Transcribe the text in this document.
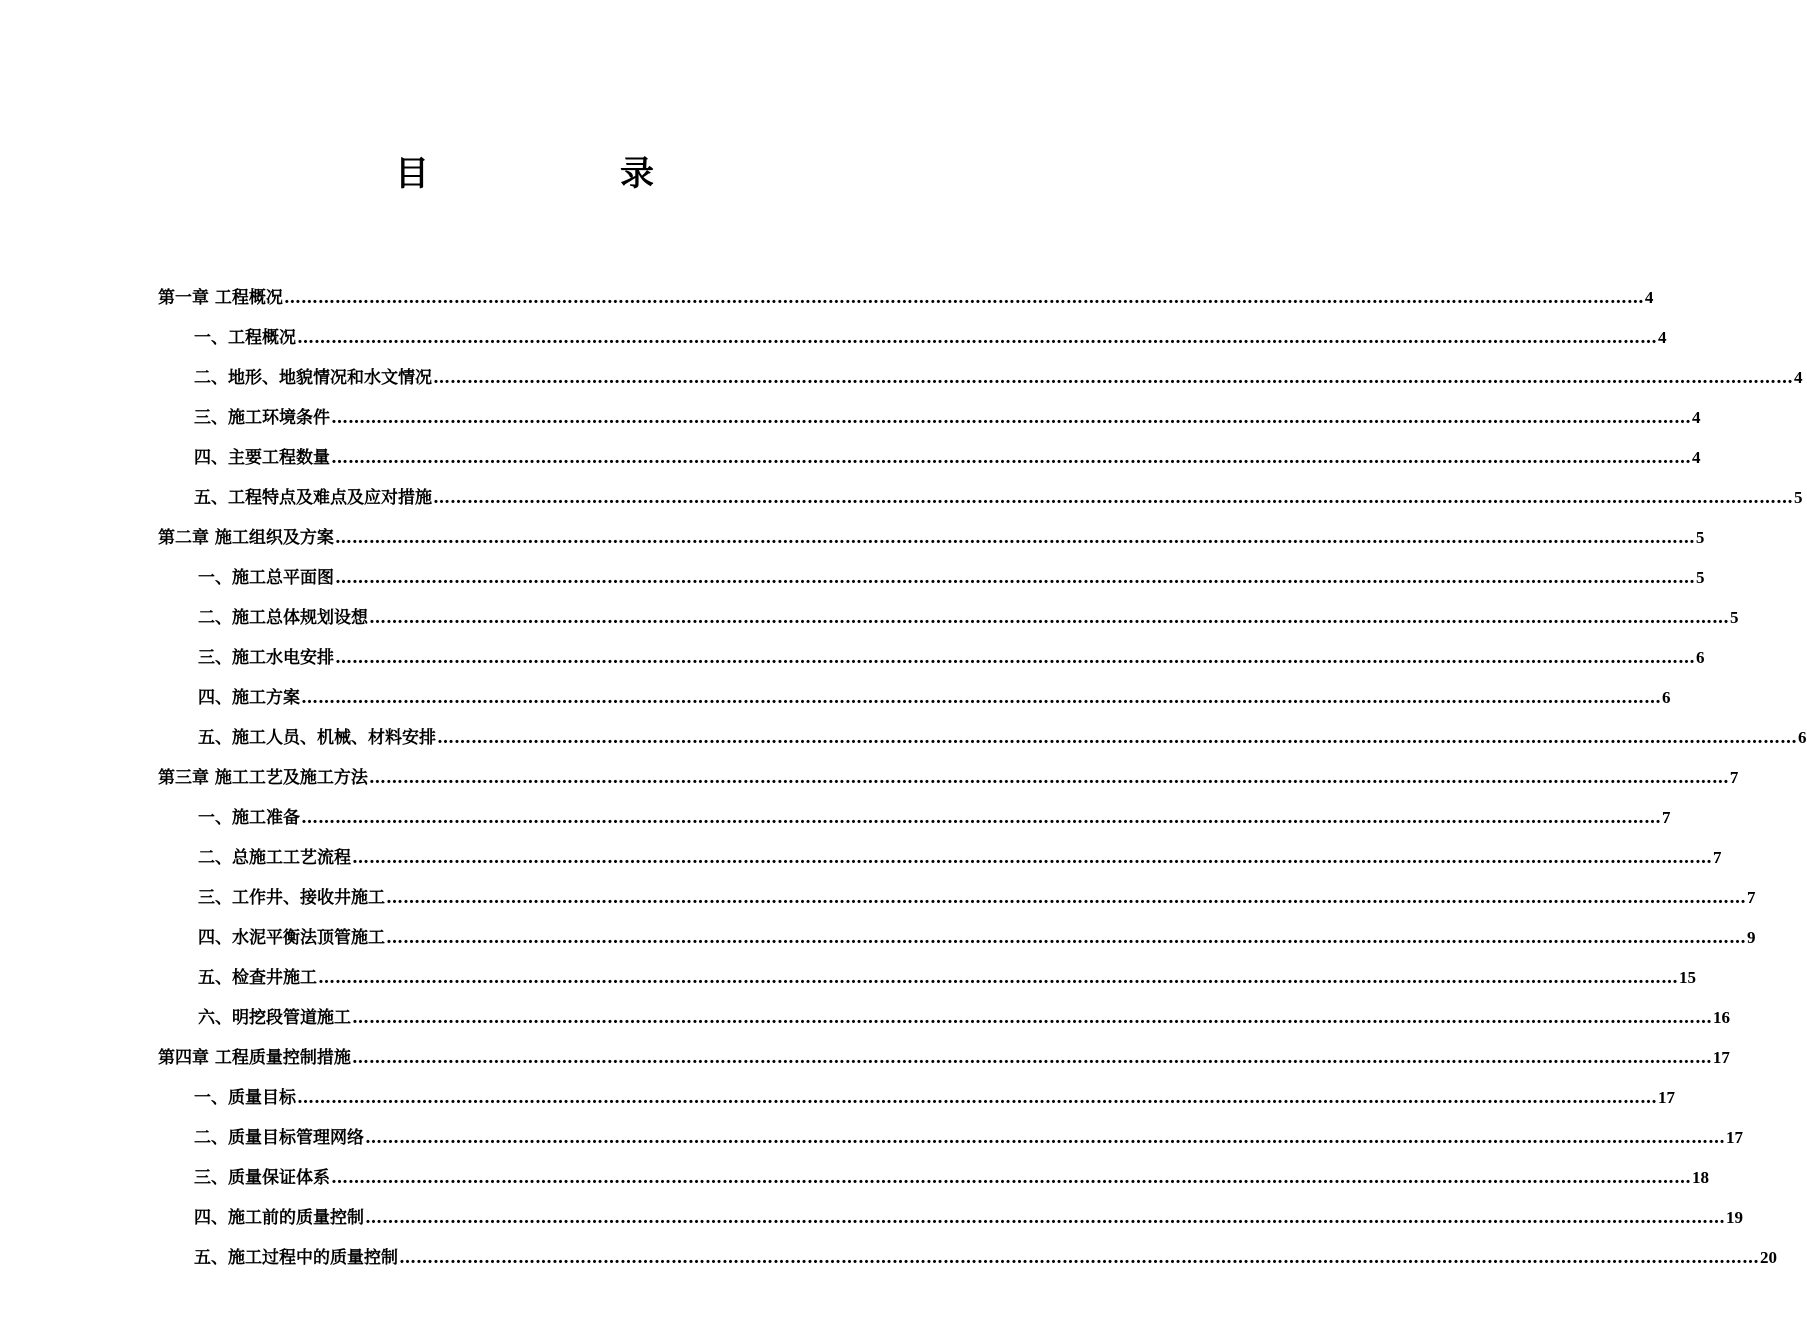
目	录
第一章 工程概况 …………………………………………………………………………………………………………………………………………………………………………………………………………………… 4
一、工程概况 …………………………………………………………………………………………………………………………………………………………………………………………………………………… 4
二、地形、地貌情况和水文情况 …………………………………………………………………………………………………………………………………………………………………………………………………………………… 4
三、施工环境条件 …………………………………………………………………………………………………………………………………………………………………………………………………………………… 4
四、主要工程数量 …………………………………………………………………………………………………………………………………………………………………………………………………………………… 4
五、工程特点及难点及应对措施 …………………………………………………………………………………………………………………………………………………………………………………………………………………… 5
第二章 施工组织及方案 …………………………………………………………………………………………………………………………………………………………………………………………………………………… 5
一、施工总平面图 …………………………………………………………………………………………………………………………………………………………………………………………………………………… 5
二、施工总体规划设想 …………………………………………………………………………………………………………………………………………………………………………………………………………………… 5
三、施工水电安排 …………………………………………………………………………………………………………………………………………………………………………………………………………………… 6
四、施工方案 …………………………………………………………………………………………………………………………………………………………………………………………………………………… 6
五、施工人员、机械、材料安排 …………………………………………………………………………………………………………………………………………………………………………………………………………………… 6
第三章 施工工艺及施工方法 …………………………………………………………………………………………………………………………………………………………………………………………………………………… 7
一、施工准备 …………………………………………………………………………………………………………………………………………………………………………………………………………………… 7
二、总施工工艺流程 …………………………………………………………………………………………………………………………………………………………………………………………………………………… 7
三、工作井、接收井施工 …………………………………………………………………………………………………………………………………………………………………………………………………………………… 7
四、水泥平衡法顶管施工 …………………………………………………………………………………………………………………………………………………………………………………………………………………… 9
五、检查井施工 …………………………………………………………………………………………………………………………………………………………………………………………………………………… 15
六、明挖段管道施工 …………………………………………………………………………………………………………………………………………………………………………………………………………………… 16
第四章 工程质量控制措施 …………………………………………………………………………………………………………………………………………………………………………………………………………………… 17
一、质量目标 …………………………………………………………………………………………………………………………………………………………………………………………………………………… 17
二、质量目标管理网络 …………………………………………………………………………………………………………………………………………………………………………………………………………………… 17
三、质量保证体系 …………………………………………………………………………………………………………………………………………………………………………………………………………………… 18
四、施工前的质量控制 …………………………………………………………………………………………………………………………………………………………………………………………………………………… 19
五、施工过程中的质量控制 …………………………………………………………………………………………………………………………………………………………………………………………………………………… 20
